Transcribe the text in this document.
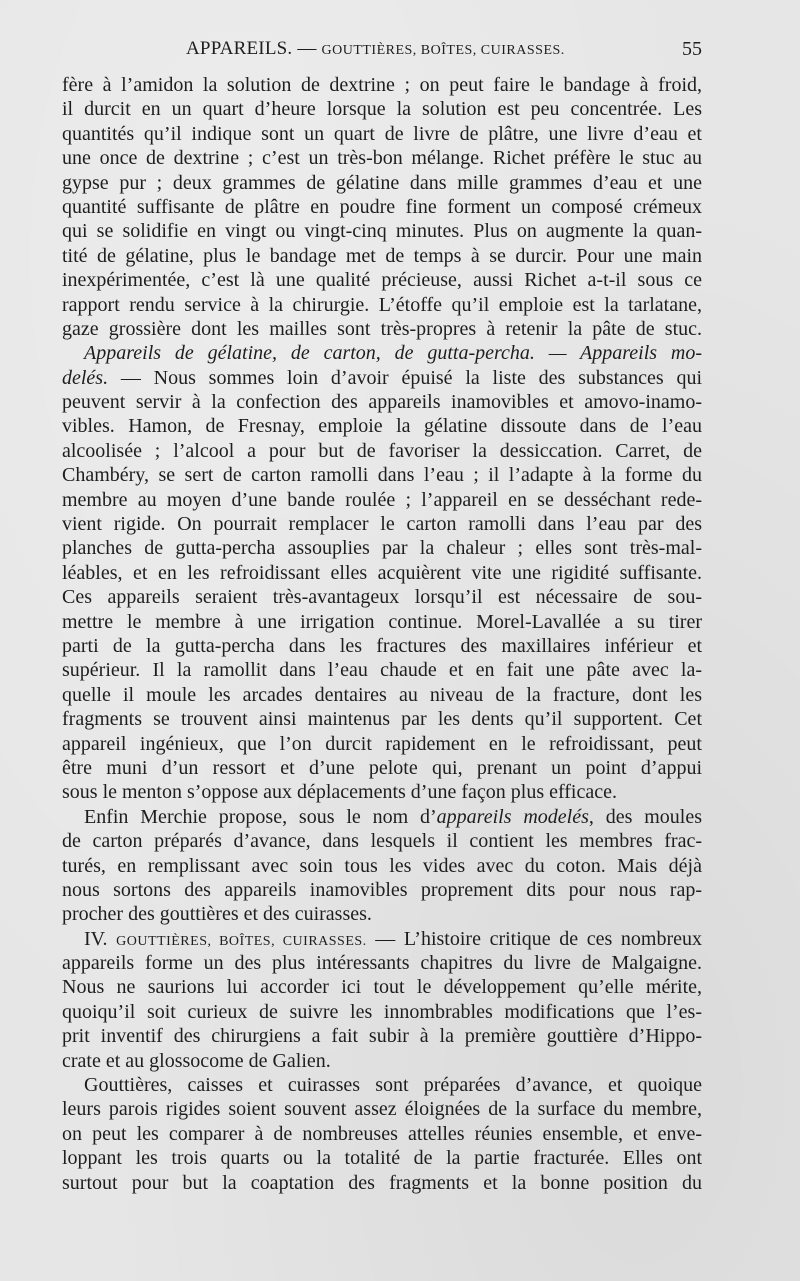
APPAREILS. — GOUTTIÈRES, BOÎTES, CUIRASSES.	55
fère à l’amidon la solution de dextrine ; on peut faire le bandage à froid,
il durcit en un quart d’heure lorsque la solution est peu concentrée. Les
quantités qu’il indique sont un quart de livre de plâtre, une livre d’eau et
une once de dextrine ; c’est un très-bon mélange. Richet préfère le stuc au
gypse pur ; deux grammes de gélatine dans mille grammes d’eau et une
quantité suffisante de plâtre en poudre fine forment un composé crémeux
qui se solidifie en vingt ou vingt-cinq minutes. Plus on augmente la quan-
tité de gélatine, plus le bandage met de temps à se durcir. Pour une main
inexpérimentée, c’est là une qualité précieuse, aussi Richet a-t-il sous ce
rapport rendu service à la chirurgie. L’étoffe qu’il emploie est la tarlatane,
gaze grossière dont les mailles sont très-propres à retenir la pâte de stuc.
Appareils de gélatine, de carton, de gutta-percha. — Appareils mo-
delés. — Nous sommes loin d’avoir épuisé la liste des substances qui
peuvent servir à la confection des appareils inamovibles et amovo-inamo-
vibles. Hamon, de Fresnay, emploie la gélatine dissoute dans de l’eau
alcoolisée ; l’alcool a pour but de favoriser la dessiccation. Carret, de
Chambéry, se sert de carton ramolli dans l’eau ; il l’adapte à la forme du
membre au moyen d’une bande roulée ; l’appareil en se desséchant rede-
vient rigide. On pourrait remplacer le carton ramolli dans l’eau par des
planches de gutta-percha assouplies par la chaleur ; elles sont très-mal-
léables, et en les refroidissant elles acquièrent vite une rigidité suffisante.
Ces appareils seraient très-avantageux lorsqu’il est nécessaire de sou-
mettre le membre à une irrigation continue. Morel-Lavallée a su tirer
parti de la gutta-percha dans les fractures des maxillaires inférieur et
supérieur. Il la ramollit dans l’eau chaude et en fait une pâte avec la-
quelle il moule les arcades dentaires au niveau de la fracture, dont les
fragments se trouvent ainsi maintenus par les dents qu’il supportent. Cet
appareil ingénieux, que l’on durcit rapidement en le refroidissant, peut
être muni d’un ressort et d’une pelote qui, prenant un point d’appui
sous le menton s’oppose aux déplacements d’une façon plus efficace.
Enfin Merchie propose, sous le nom d’appareils modelés, des moules
de carton préparés d’avance, dans lesquels il contient les membres frac-
turés, en remplissant avec soin tous les vides avec du coton. Mais déjà
nous sortons des appareils inamovibles proprement dits pour nous rap-
procher des gouttières et des cuirasses.
IV. GOUTTIÈRES, BOÎTES, CUIRASSES. — L’histoire critique de ces nombreux
appareils forme un des plus intéressants chapitres du livre de Malgaigne.
Nous ne saurions lui accorder ici tout le développement qu’elle mérite,
quoiqu’il soit curieux de suivre les innombrables modifications que l’es-
prit inventif des chirurgiens a fait subir à la première gouttière d’Hippo-
crate et au glossocome de Galien.
Gouttières, caisses et cuirasses sont préparées d’avance, et quoique
leurs parois rigides soient souvent assez éloignées de la surface du membre,
on peut les comparer à de nombreuses attelles réunies ensemble, et enve-
loppant les trois quarts ou la totalité de la partie fracturée. Elles ont
surtout pour but la coaptation des fragments et la bonne position du
